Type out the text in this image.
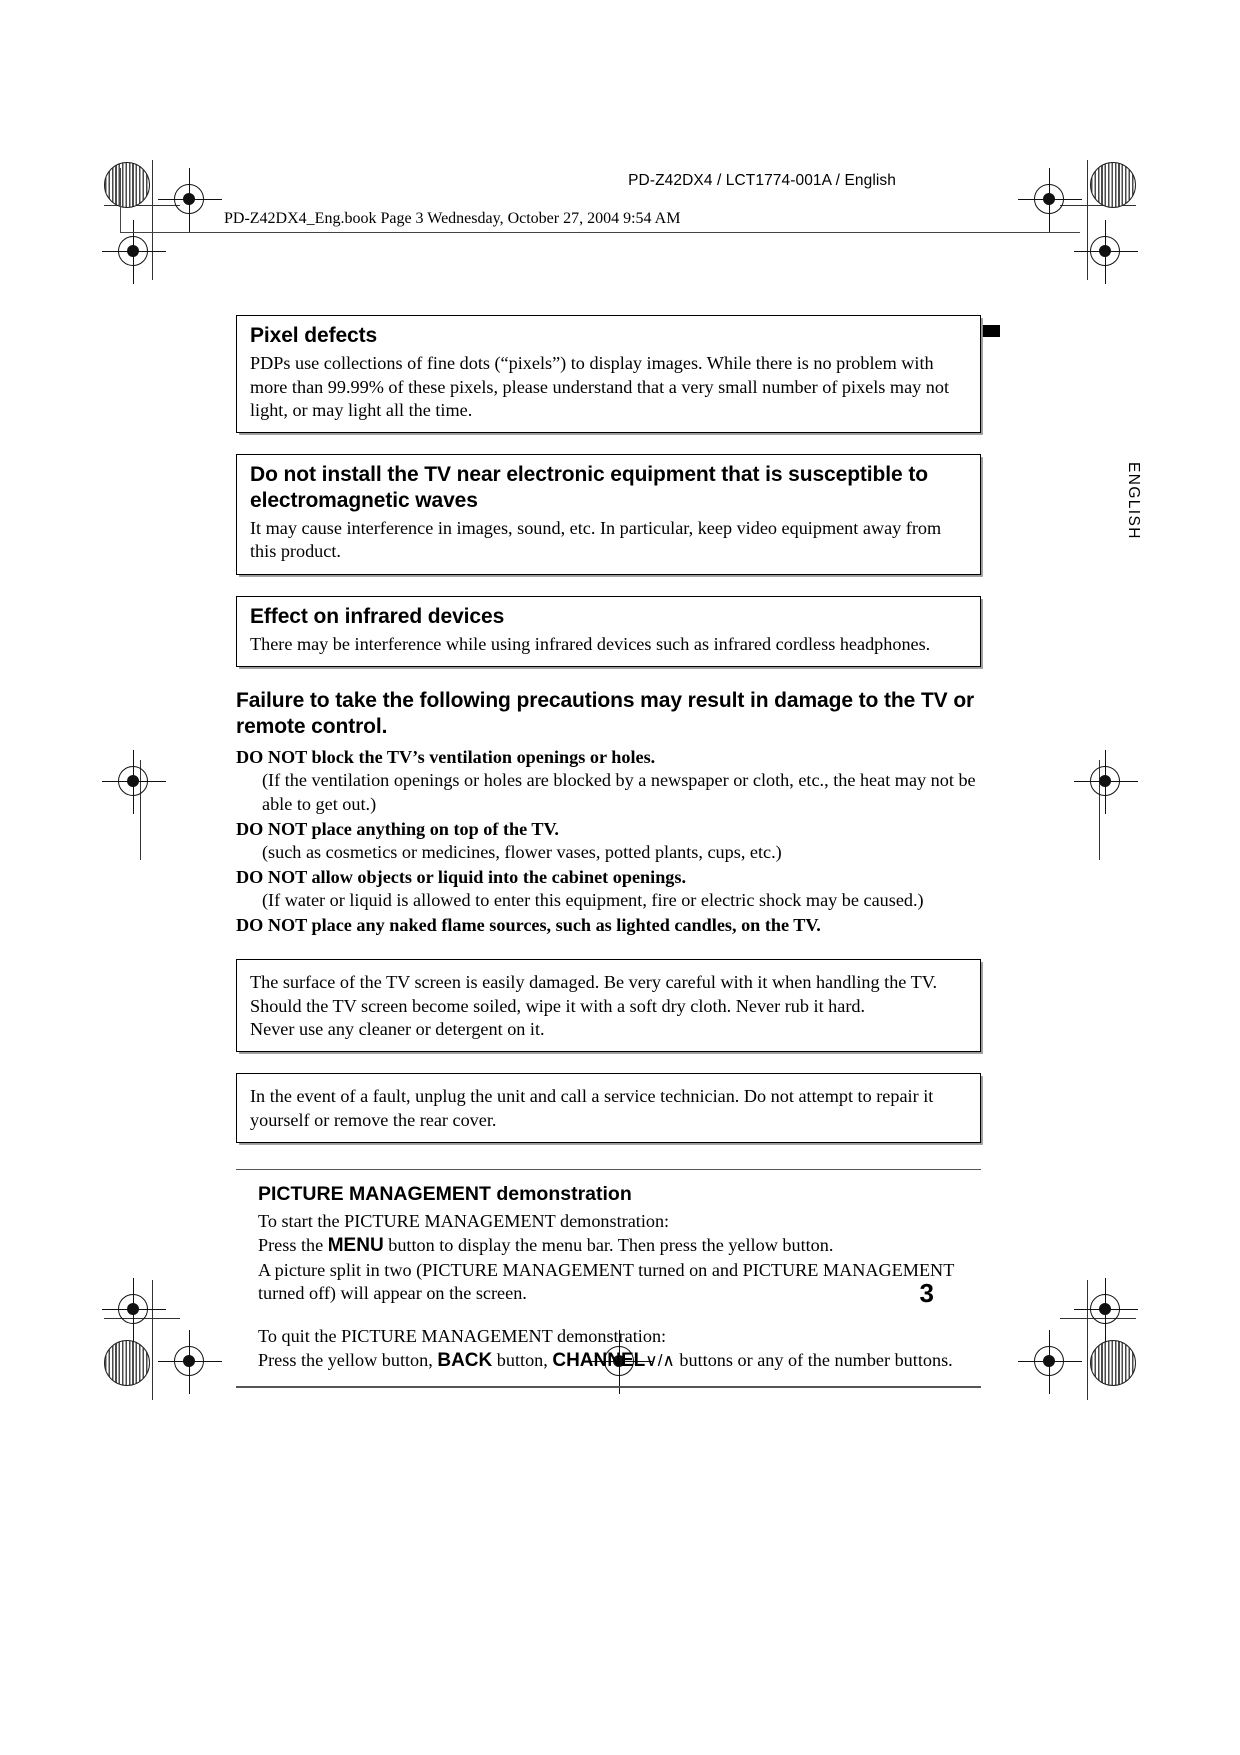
PD-Z42DX4 / LCT1774-001A / English
PD-Z42DX4_Eng.book Page 3 Wednesday, October 27, 2004 9:54 AM
ENGLISH
Pixel defects
PDPs use collections of fine dots (“pixels”) to display images. While there is no problem with more than 99.99% of these pixels, please understand that a very small number of pixels may not light, or may light all the time.
Do not install the TV near electronic equipment that is susceptible to electromagnetic waves
It may cause interference in images, sound, etc. In particular, keep video equipment away from this product.
Effect on infrared devices
There may be interference while using infrared devices such as infrared cordless headphones.
Failure to take the following precautions may result in damage to the TV or remote control.
DO NOT block the TV’s ventilation openings or holes.
(If the ventilation openings or holes are blocked by a newspaper or cloth, etc., the heat may not be able to get out.)
DO NOT place anything on top of the TV.
(such as cosmetics or medicines, flower vases, potted plants, cups, etc.)
DO NOT allow objects or liquid into the cabinet openings.
(If water or liquid is allowed to enter this equipment, fire or electric shock may be caused.)
DO NOT place any naked flame sources, such as lighted candles, on the TV.
The surface of the TV screen is easily damaged. Be very careful with it when handling the TV.
Should the TV screen become soiled, wipe it with a soft dry cloth. Never rub it hard.
Never use any cleaner or detergent on it.
In the event of a fault, unplug the unit and call a service technician. Do not attempt to repair it yourself or remove the rear cover.
PICTURE MANAGEMENT demonstration
To start the PICTURE MANAGEMENT demonstration:
Press the MENU button to display the menu bar. Then press the yellow button.
A picture split in two (PICTURE MANAGEMENT turned on and PICTURE MANAGEMENT turned off) will appear on the screen.
To quit the PICTURE MANAGEMENT demonstration:
Press the yellow button, BACK button, CHANNEL∨/∧ buttons or any of the number buttons.
3
